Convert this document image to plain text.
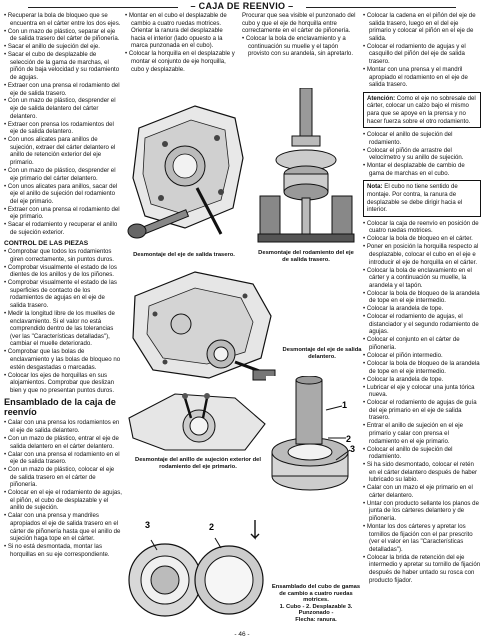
– CAJA DE REENVIO –

• Recuperar la bola de bloqueo que se encuentra en el cárter entre los dos ejes.

• Con un mazo de plástico, separar el eje de salida trasero del cárter de piñonería.

• Sacar el anillo de sujeción del eje.

• Sacar el cubo de desplazable de selección de la gama de marchas, el piñón de baja velocidad y su rodamiento de agujas.

• Extraer con una prensa el rodamiento del eje de salida trasero.

• Con un mazo de plástico, desprender el eje de salida delantero del cárter delantero.

• Extraer con prensa los rodamientos del eje de salida delantero.

• Con unos alicates para anillos de sujeción, extraer del cárter delantero el anillo de retención exterior del eje primario.

• Con un mazo de plástico, desprender el eje primario del cárter delantero.

• Con unos alicates para anillos, sacar del eje el anillo de sujeción del rodamiento del eje primario.

• Extraer con una prensa el rodamiento del eje primario.

• Sacar el rodamiento y recuperar el anillo de sujeción exterior.

CONTROL DE LAS PIEZAS

• Comprobar que todos los rodamientos giren correctamente, sin puntos duros.

• Comprobar visualmente el estado de los dientes de los anillos y de los piñones.

• Comprobar visualmente el estado de las superficies de contacto de los rodamientos de agujas en el eje de salida trasero.

• Medir la longitud libre de los muelles de enclavamiento. Si el valor no está comprendido dentro de las tolerancias (ver las "Características detalladas"), cambiar el muelle deteriorado.

• Comprobar que las bolas de enclavamiento y las bolas de bloqueo no estén desgastadas o marcadas.

• Colocar los ejes de horquillas en sus alojamientos. Comprobar que deslizan bien y que no presentan puntos duros.

Ensamblado de la caja de reenvío

• Calar con una prensa los rodamientos en el eje de salida delantero.

• Con un mazo de plástico, entrar el eje de salida delantero en el cárter delantero.

• Calar con una prensa el rodamiento en el eje de salida trasero.

• Con un mazo de plástico, colocar el eje de salida trasero en el cárter de piñonería.

• Colocar en el eje el rodamiento de agujas, el piñón, el cubo de desplazable y el anillo de sujeción.

• Calar con una prensa y mandriles apropiados el eje de salida trasero en el cárter de piñonería hasta que el anillo de sujeción haga tope en el cárter.

• Si no está desmontada, montar las horquillas en su eje correspondiente.

• Montar en el cubo el desplazable de cambio a cuatro ruedas motrices. Orientar la ranura del desplazable hacia el interior (lado opuesto a la marca punzonada en el cubo).

• Colocar la horquilla en el desplazable y montar el conjunto de eje horquilla, cubo y desplazable.

Procurar que sea visible el punzonado del cubo y que el eje de horquilla entre correctamente en el cárter de piñonería.

• Colocar la bola de enclavamiento y a continuación su muelle y el tapón provisto con su arandela, sin apretarlo.

• Colocar la cadena en el piñón del eje de salida trasero, luego en el del eje primario y colocar el piñón en el eje de salida.

• Colocar el rodamiento de agujas y el casquillo del piñón del eje de salida trasero.

• Montar con una prensa y el mandril apropiado el rodamiento en el eje de salida trasero.

Atención: Como el eje no sobresale del cárter, colocar un calzo bajo el mismo para que se apoye en la prensa y no hacer fuerza sobre el otro rodamiento.

• Colocar el anillo de sujeción del rodamiento.

• Colocar el piñón de arrastre del velocímetro y su anillo de sujeción.

• Montar el desplazable de cambio de gama de marchas en el cubo.

Nota: El cubo no tiene sentido de montaje. Por contra, la ranura de desplazable se debe dirigir hacia el interior.

• Colocar la caja de reenvío en posición de cuatro ruedas motrices.

• Colocar la bola de bloqueo en el cárter.

• Poner en posición la horquilla respecto al desplazable, colocar el cubo en el eje e introducir el eje de horquilla en el cárter.

• Colocar la bola de enclavamiento en el cárter y a continuación su muelle, la arandela y el tapón.

• Colocar la bola de bloqueo de la arandela de tope en el eje intermedio.

• Colocar la arandela de tope.

• Colocar el rodamiento de agujas, el distanciador y el segundo rodamiento de agujas.

• Colocar el conjunto en el cárter de piñonería.

• Colocar el piñón intermedio.

• Colocar la bola de bloqueo de la arandela de tope en el eje intermedio.

• Colocar la arandela de tope.

• Lubricar el eje y colocar una junta tórica nueva.

• Colocar el rodamiento de agujas de guía del eje primario en el eje de salida trasero.

• Entrar el anillo de sujeción en el eje primario y calar con prensa el rodamiento en el eje primario.

• Colocar el anillo de sujeción del rodamiento.

• Si ha sido desmontado, colocar el retén en el cárter delantero después de haber lubricado su labio.

• Calar con un mazo el eje primario en el cárter delantero.

• Untar con producto sellante los planos de junta de los cárteres delantero y de piñonería.

• Montar los dos cárteres y apretar los tornillos de fijación con el par prescrito (ver el valor en las "Características detalladas").

• Colocar la brida de retención del eje intermedio y apretar su tornillo de fijación después de haber untado su rosca con producto fijador.

Desmontaje del eje de salida trasero.	Desmontaje del rodamiento del eje de salida trasero.
Desmontaje del eje de salida delantero.
Desmontaje del anillo de sujeción exterior del rodamiento del eje primario.
1
2
3
3	2
Ensamblado del cubo de gamas de cambio a cuatro ruedas motrices.
1. Cubo - 2. Desplazable 3. Punzonado -
Flecha: ranura.
- 46 -
